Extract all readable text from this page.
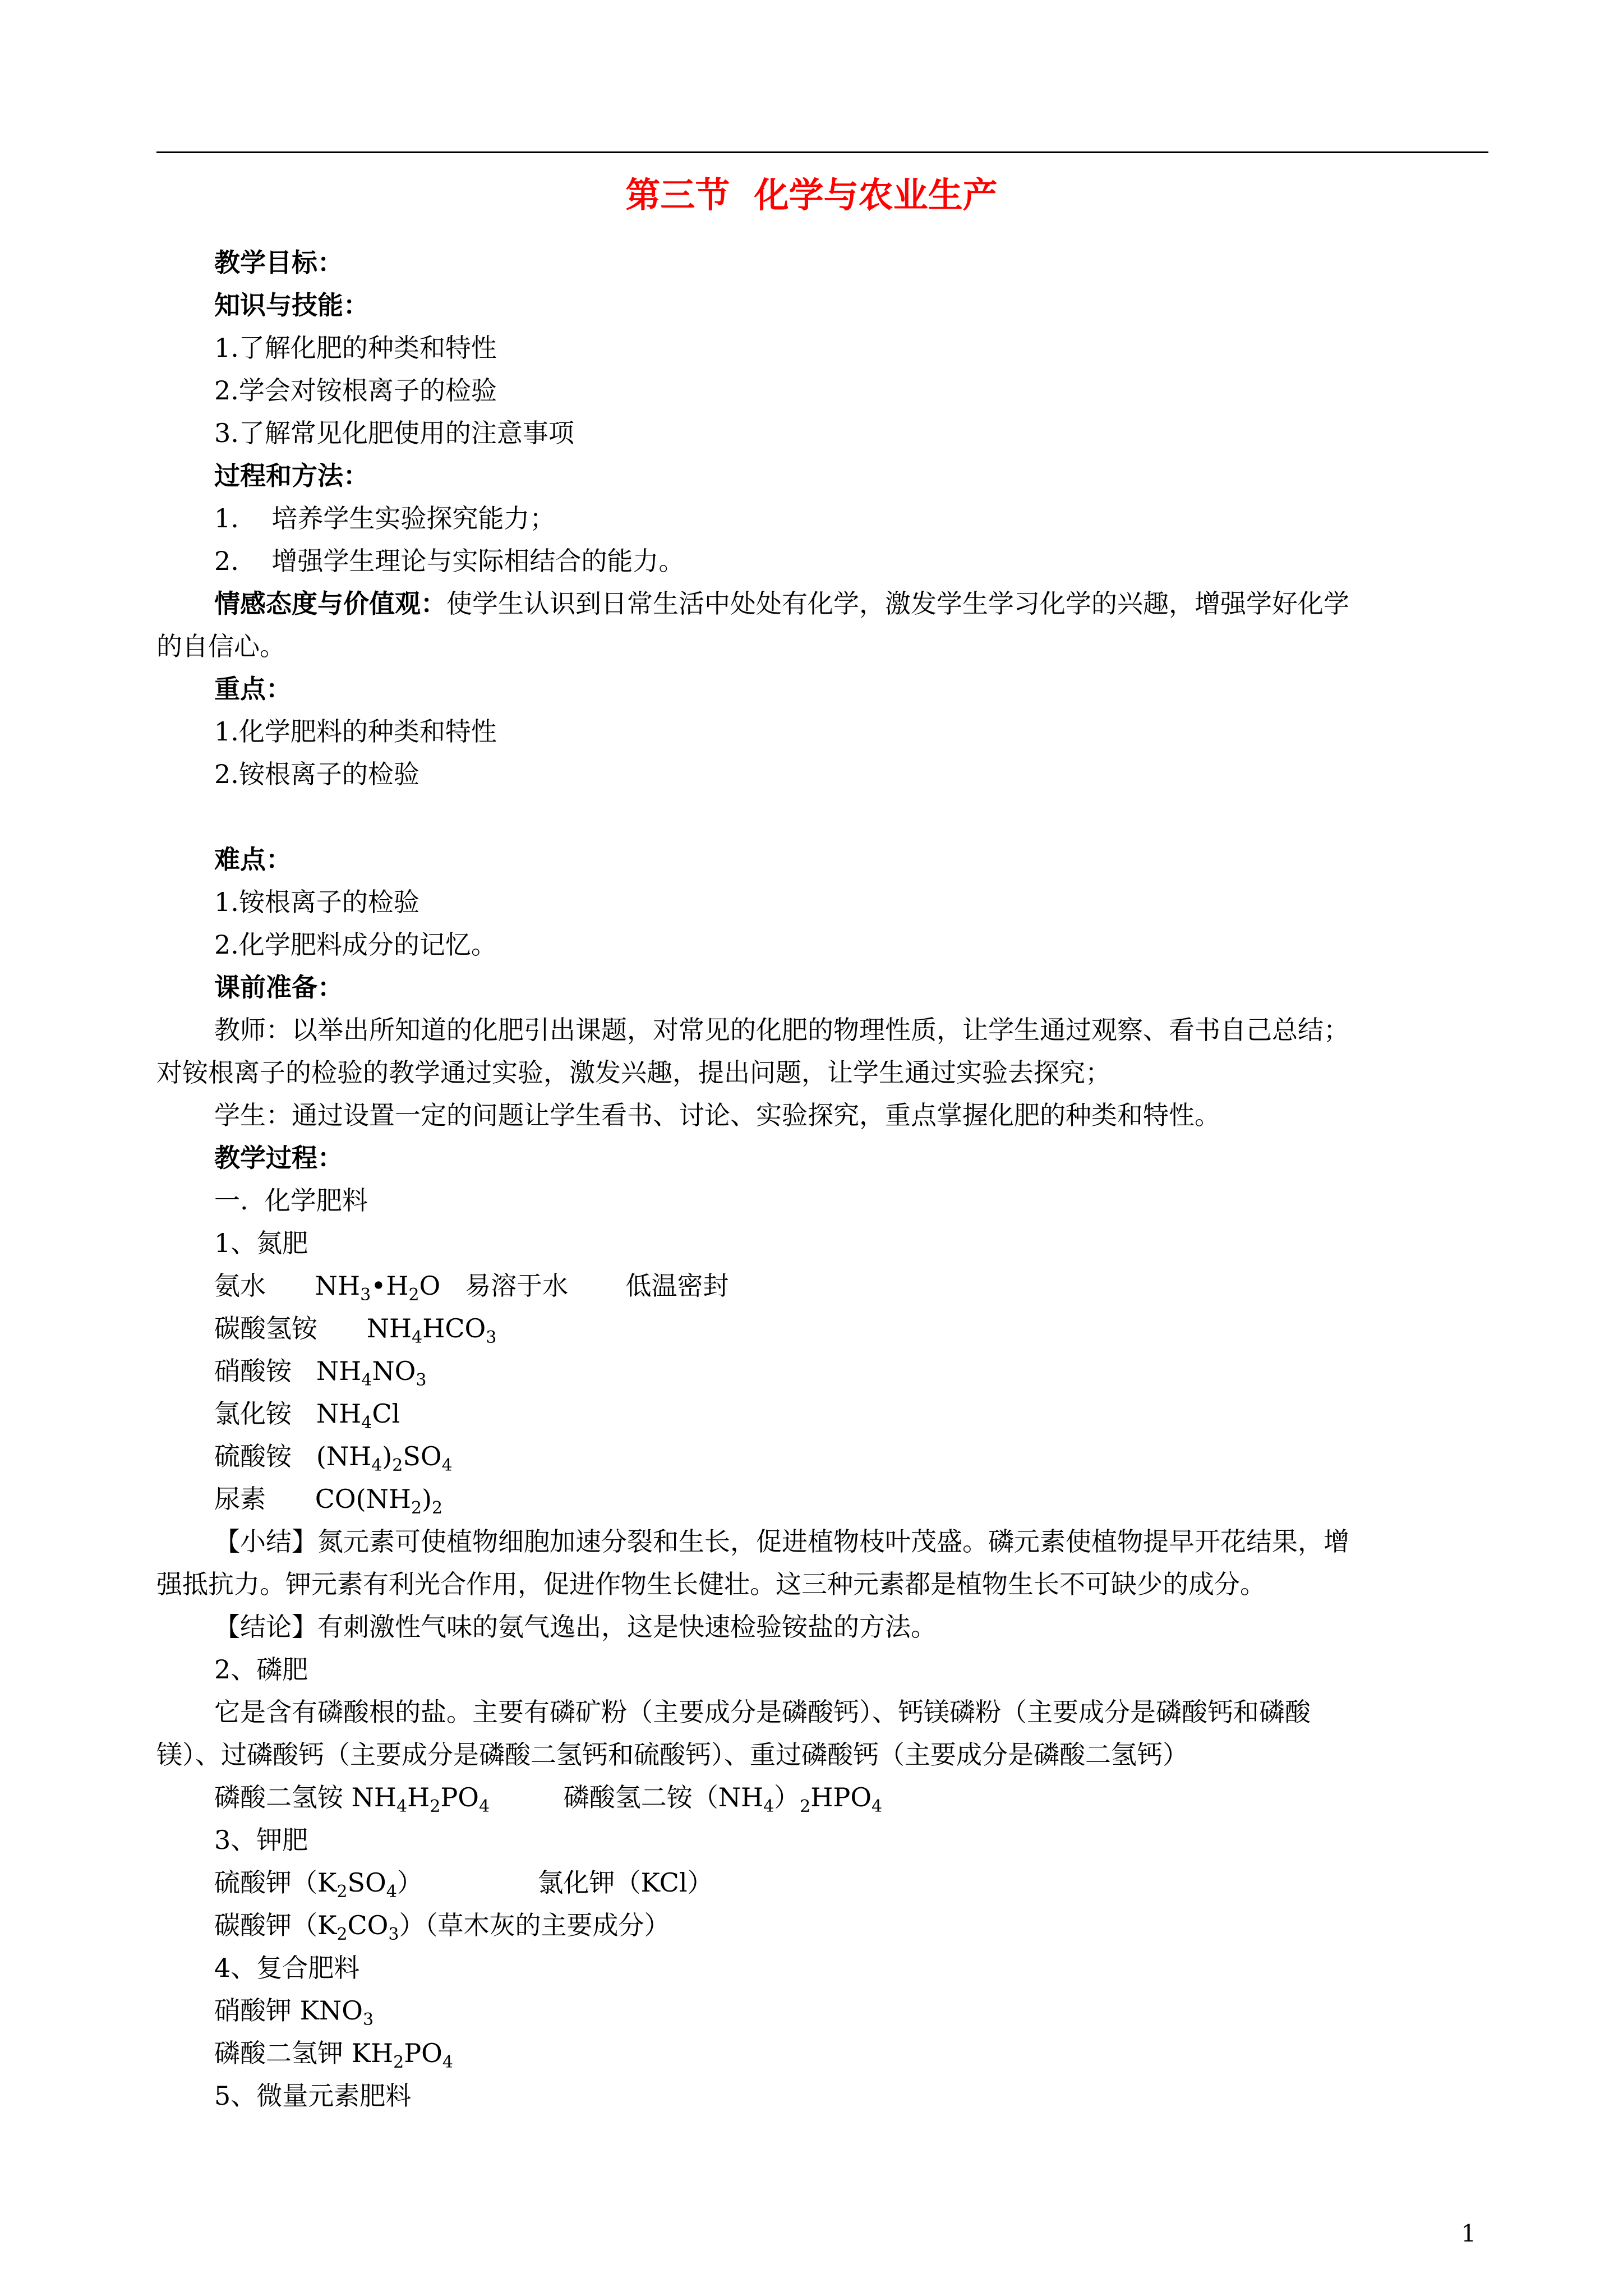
第三节  化学与农业生产

教学目标：

知识与技能：

1.了解化肥的种类和特性

2.学会对铵根离子的检验

3.了解常见化肥使用的注意事项

过程和方法：

1.    培养学生实验探究能力；

2.    增强学生理论与实际相结合的能力。

情感态度与价值观：使学生认识到日常生活中处处有化学，激发学生学习化学的兴趣，增强学好化学

的自信心。

重点：

1.化学肥料的种类和特性

2.铵根离子的检验

难点：

1.铵根离子的检验

2.化学肥料成分的记忆。

课前准备：

教师：以举出所知道的化肥引出课题，对常见的化肥的物理性质，让学生通过观察、看书自己总结；

对铵根离子的检验的教学通过实验，激发兴趣，提出问题，让学生通过实验去探究；

学生：通过设置一定的问题让学生看书、讨论、实验探究，重点掌握化肥的种类和特性。

教学过程：

一.  化学肥料

1、氮肥

氨水 $NH_3•H_2O$ 易溶于水 低温密封

碳酸氢铵 $NH_4HCO_3$

硝酸铵 $NH_4NO_3$

氯化铵 $NH_4Cl$

硫酸铵 $(NH_4)_2SO_4$

尿素 $CO(NH_2)_2$

【小结】氮元素可使植物细胞加速分裂和生长，促进植物枝叶茂盛。磷元素使植物提早开花结果，增

强抵抗力。钾元素有利光合作用，促进作物生长健壮。这三种元素都是植物生长不可缺少的成分。

【结论】有刺激性气味的氨气逸出，这是快速检验铵盐的方法。

2、磷肥

它是含有磷酸根的盐。主要有磷矿粉（主要成分是磷酸钙）、钙镁磷粉（主要成分是磷酸钙和磷酸

镁）、过磷酸钙（主要成分是磷酸二氢钙和硫酸钙）、重过磷酸钙（主要成分是磷酸二氢钙）

磷酸二氢铵 $NH_4H_2PO_4$	磷酸氢二铵$(NH_4)_2HPO_4$

3、钾肥

硫酸钾$(K_2SO_4)$	氯化钾（KCl）

碳酸钾$(K_2CO_3)$（草木灰的主要成分）

4、复合肥料

硝酸钾 $KNO_3$

磷酸二氢钾 $KH_2PO_4$

5、微量元素肥料

1
